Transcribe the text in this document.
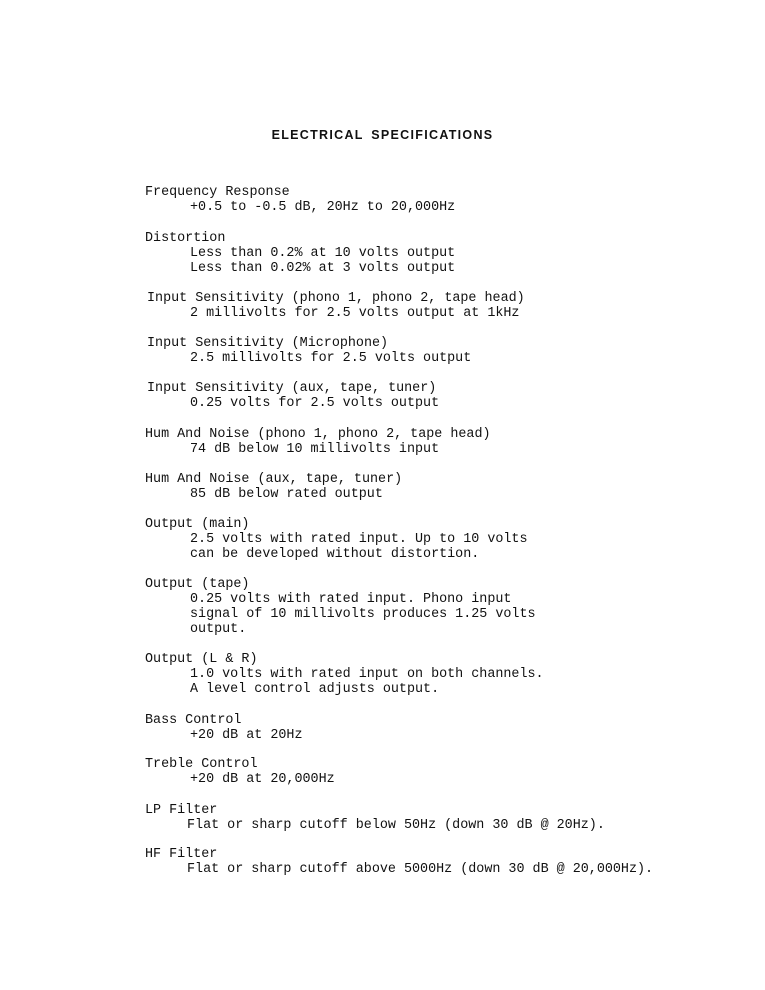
ELECTRICAL SPECIFICATIONS
Frequency Response
+0.5 to -0.5 dB, 20Hz to 20,000Hz
Distortion
Less than 0.2% at 10 volts output
Less than 0.02% at 3 volts output
Input Sensitivity (phono 1, phono 2, tape head)
2 millivolts for 2.5 volts output at 1kHz
Input Sensitivity (Microphone)
2.5 millivolts for 2.5 volts output
Input Sensitivity (aux, tape, tuner)
0.25 volts for 2.5 volts output
Hum And Noise (phono 1, phono 2, tape head)
74 dB below 10 millivolts input
Hum And Noise (aux, tape, tuner)
85 dB below rated output
Output (main)
2.5 volts with rated input. Up to 10 volts
can be developed without distortion.
Output (tape)
0.25 volts with rated input. Phono input
signal of 10 millivolts produces 1.25 volts
output.
Output (L & R)
1.0 volts with rated input on both channels.
A level control adjusts output.
Bass Control
+20 dB at 20Hz
Treble Control
+20 dB at 20,000Hz
LP Filter
Flat or sharp cutoff below 50Hz (down 30 dB @ 20Hz).
HF Filter
Flat or sharp cutoff above 5000Hz (down 30 dB @ 20,000Hz).
